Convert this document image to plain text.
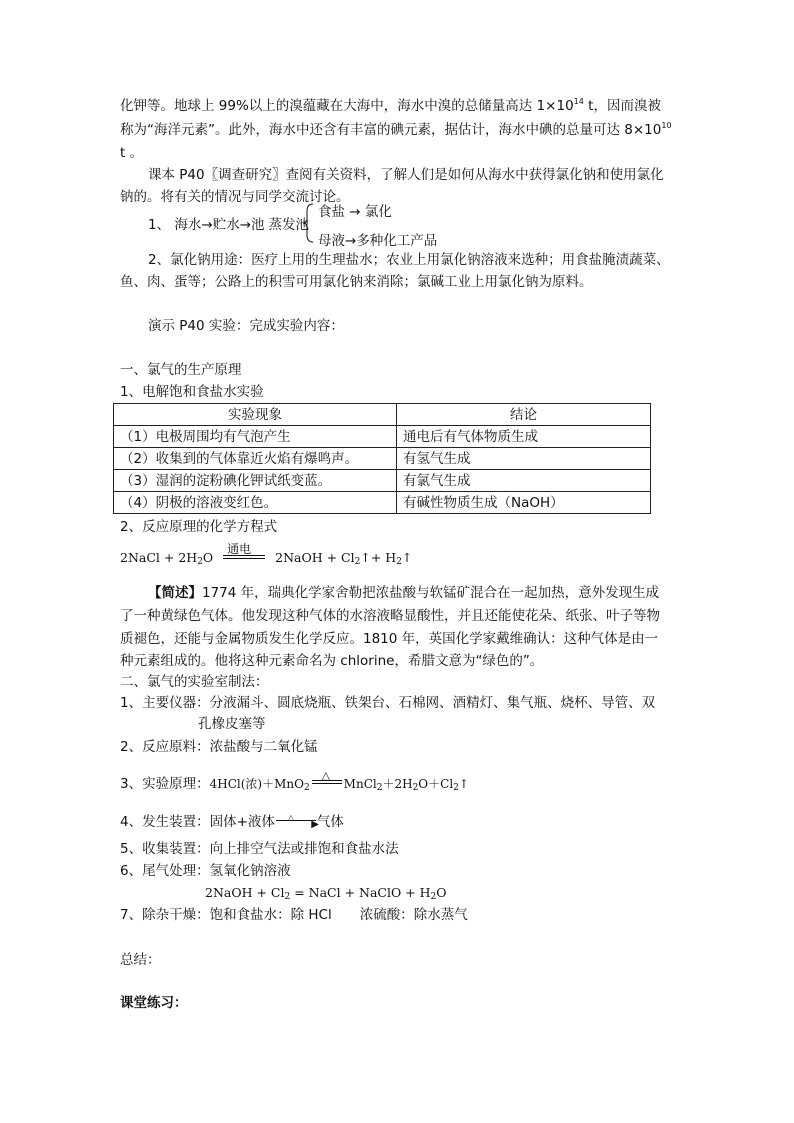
化钾等。地球上 99%以上的溴蕴藏在大海中，海水中溴的总储量高达 $1\times 10^{14}$ t，因而溴被
称为“海洋元素”。此外，海水中还含有丰富的碘元素，据估计，海水中碘的总量可达 $8\times 10^{10}$
t 。
课本 P40〖调查研究〗查阅有关资料，了解人们是如何从海水中获得氯化钠和使用氯化
钠的。将有关的情况与同学交流讨论。
1、 海水→贮水→池 蒸发池
食盐 → 氯化
母液→多种化工产品
2、氯化钠用途：医疗上用的生理盐水；农业上用氯化钠溶液来选种；用食盐腌渍蔬菜、
鱼、肉、蛋等；公路上的积雪可用氯化钠来消除；氯碱工业上用氯化钠为原料。
演示 P40 实验：完成实验内容：
一、氯气的生产原理
1、电解饱和食盐水实验
实验现象	结论
（1）电极周围均有气泡产生	通电后有气体物质生成
（2）收集到的气体靠近火焰有爆鸣声。	有氢气生成
（3）湿润的淀粉碘化钾试纸变蓝。	有氯气生成
（4）阴极的溶液变红色。	有碱性物质生成（NaOH）
2、反应原理的化学方程式
2NaCl + $2H_2O$
通电
2NaOH + $Cl_2↑+$ $H_2↑$
【简述】1774 年，瑞典化学家舍勒把浓盐酸与软锰矿混合在一起加热，意外发现生成
了一种黄绿色气体。他发现这种气体的水溶液略显酸性，并且还能使花朵、纸张、叶子等物
质褪色，还能与金属物质发生化学反应。1810 年，英国化学家戴维确认：这种气体是由一
种元素组成的。他将这种元素命名为 chlorine，希腊文意为“绿色的”。
二、氯气的实验室制法：
1、主要仪器：分液漏斗、圆底烧瓶、铁架台、石棉网、酒精灯、集气瓶、烧杯、导管、双
孔橡皮塞等
2、反应原料：浓盐酸与二氧化锰
3、实验原理：4HCl(浓)＋MnO$_2$
△
$MnCl_2+2H_2O+Cl_2↑$
4、发生装置：固体+液体	▶
△ 气体
5、收集装置：向上排空气法或排饱和食盐水法
6、尾气处理：氢氧化钠溶液
2NaOH + $Cl_2$ = NaCl + NaClO + $H_2O$
7、除杂干燥：饱和食盐水：除 HCl 浓硫酸：除水蒸气
总结：
课堂练习：
